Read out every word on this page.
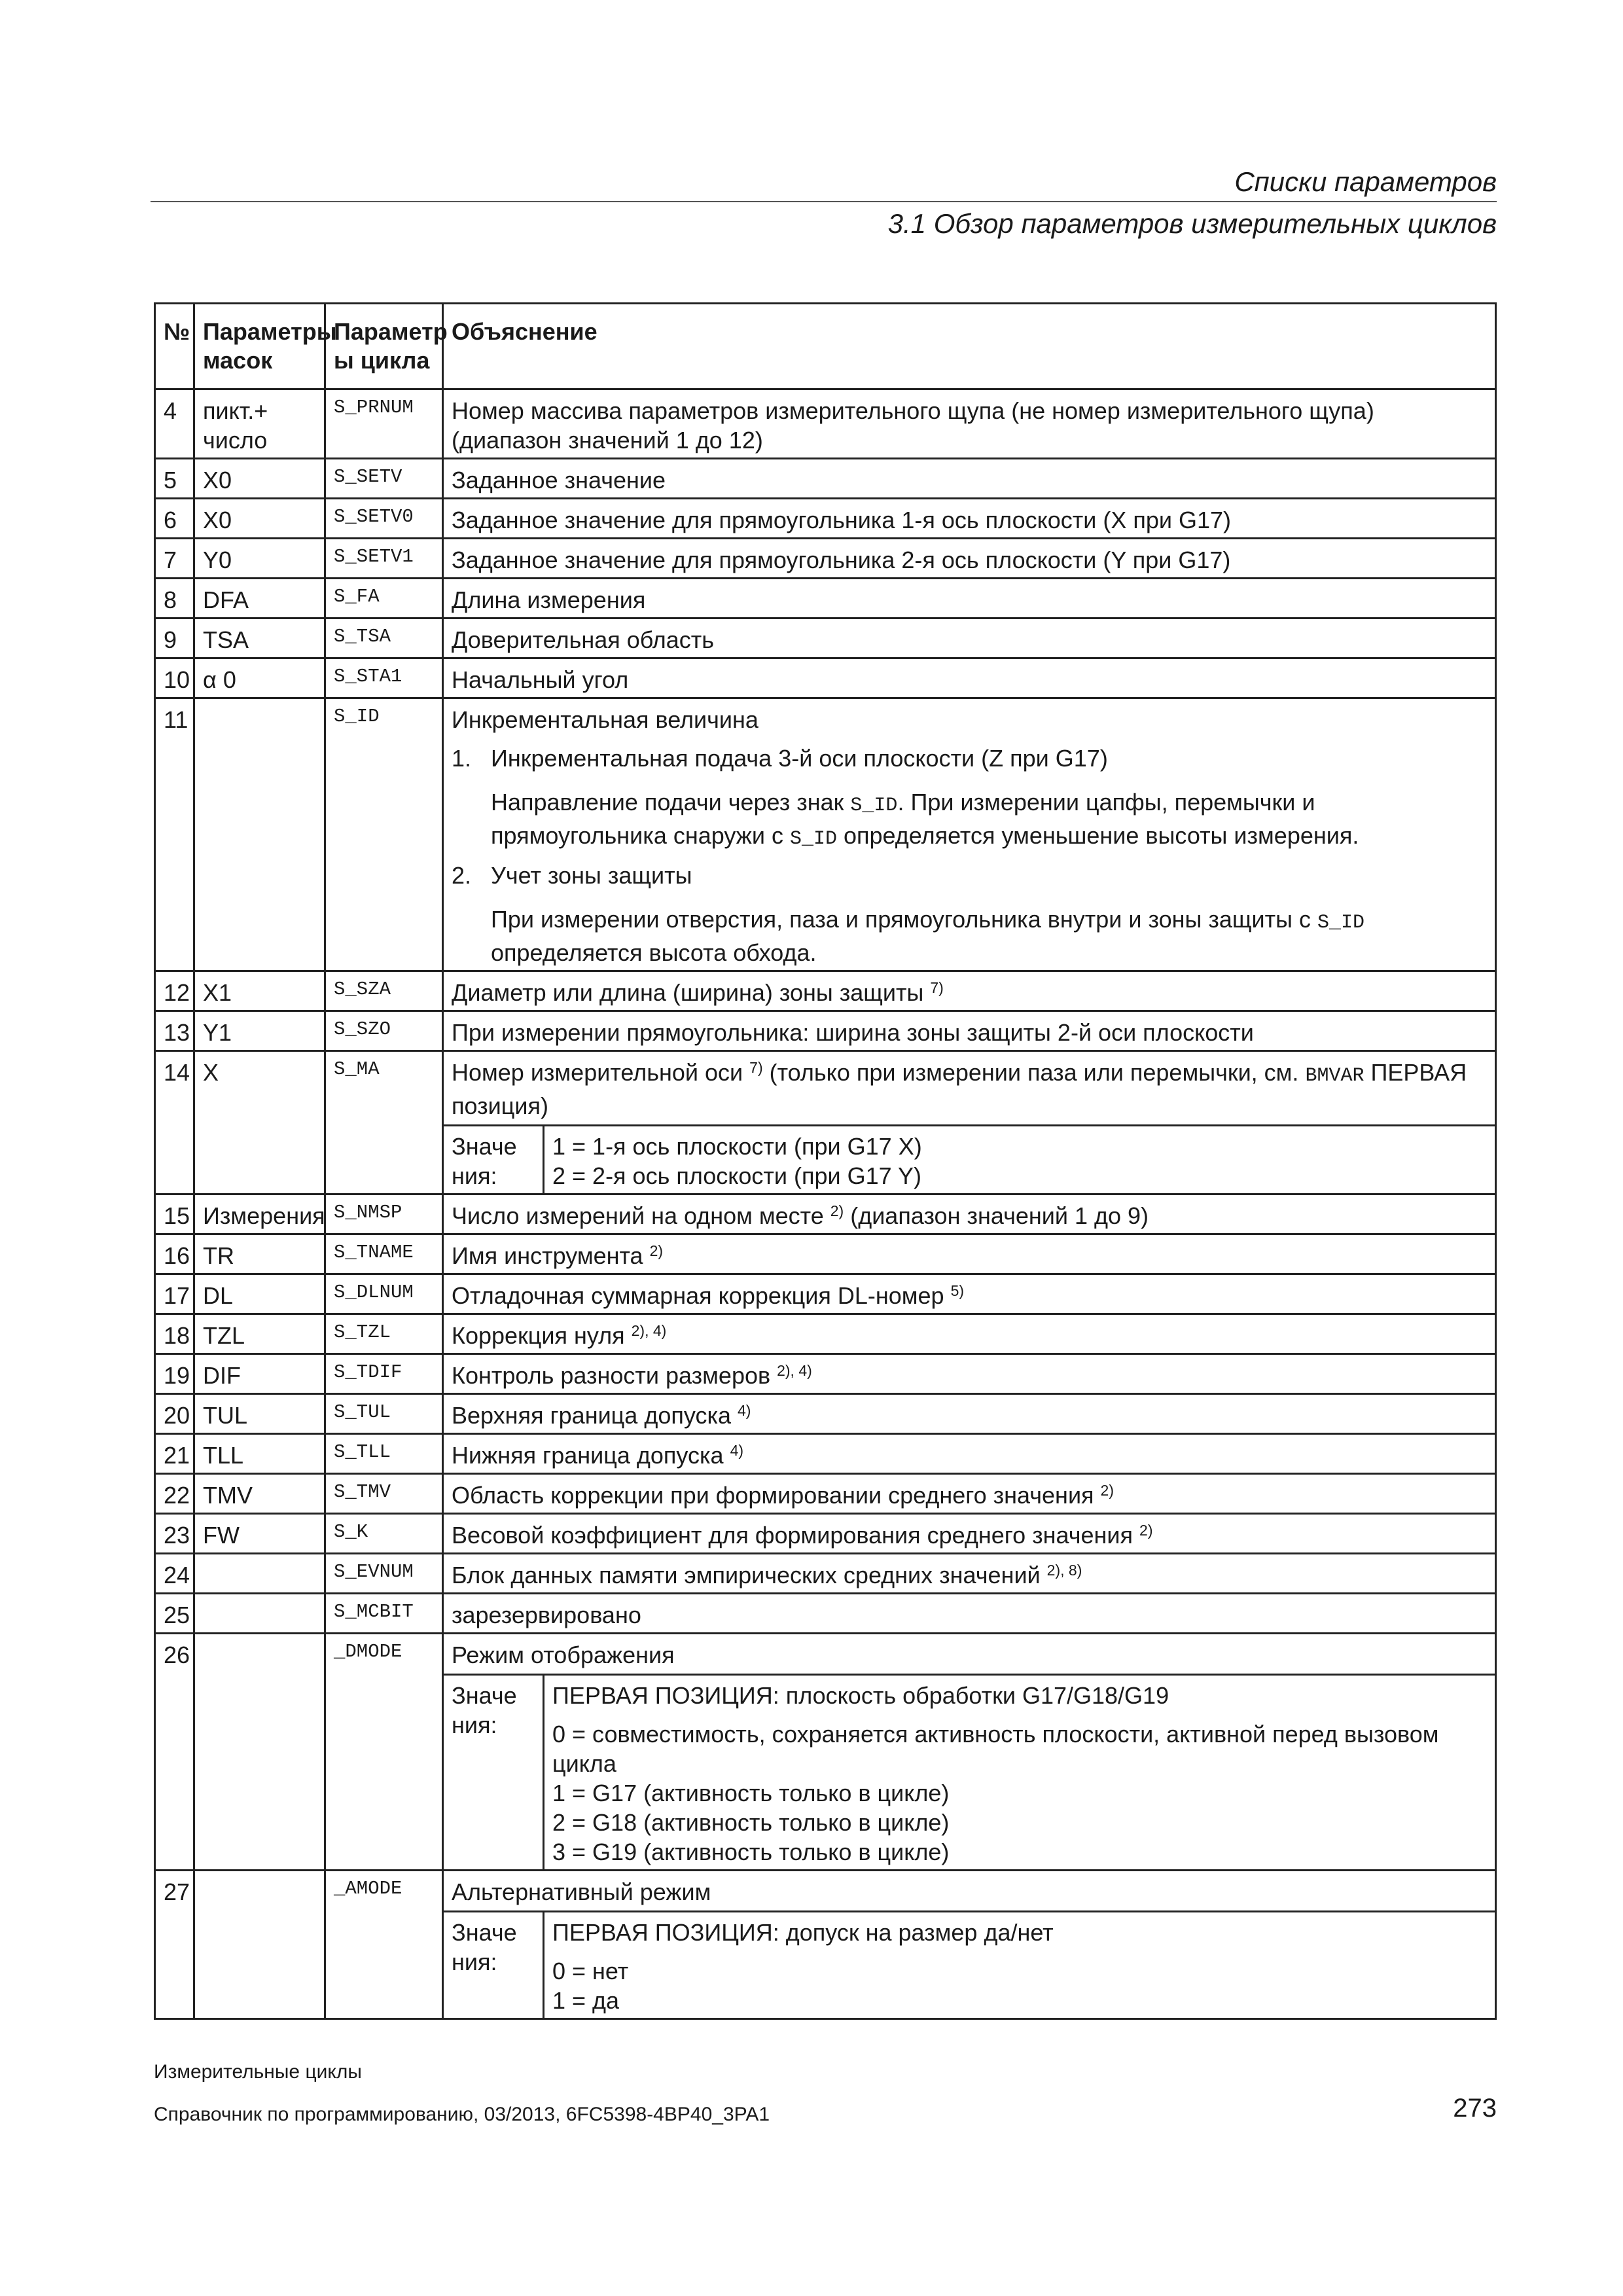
Списки параметров
3.1 Обзор параметров измерительных циклов
№	Параметры масок	Параметр ы цикла	Объяснение
4	пикт.+ число	S_PRNUM	Номер массива параметров измерительного щупа (не номер измерительного щупа) (диапазон значений 1 до 12)
5	X0	S_SETV	Заданное значение
6	X0	S_SETV0	Заданное значение для прямоугольника 1-я ось плоскости (X при G17)
7	Y0	S_SETV1	Заданное значение для прямоугольника 2-я ось плоскости (Y при G17)
8	DFA	S_FA	Длина измерения
9	TSA	S_TSA	Доверительная область
10	α 0	S_STA1	Начальный угол
11		S_ID	Инкрементальная величина
1. Инкрементальная подача 3-й оси плоскости (Z при G17)
Направление подачи через знак S_ID. При измерении цапфы, перемычки и прямоугольника снаружи с S_ID определяется уменьшение высоты измерения.
2. Учет зоны защиты
При измерении отверстия, паза и прямоугольника внутри и зоны защиты с S_ID определяется высота обхода.

12	X1	S_SZA	Диаметр или длина (ширина) зоны защиты $^{7)}$
13	Y1	S_SZO	При измерении прямоугольника: ширина зоны защиты 2-й оси плоскости
14	X	S_MA	Номер измерительной оси $^{7)}$ (только при измерении паза или перемычки, см. BMVAR ПЕРВАЯ позиция)
Значе ния:	
1 = 1-я ось плоскости (при G17 X)
2 = 2-я ось плоскости (при G17 Y)

15	Измерения	S_NMSP	Число измерений на одном месте $^{2)}$ (диапазон значений 1 до 9)
16	TR	S_TNAME	Имя инструмента $^{2)}$
17	DL	S_DLNUM	Отладочная суммарная коррекция DL-номер $^{5)}$
18	TZL	S_TZL	Коррекция нуля $^{2), 4)}$
19	DIF	S_TDIF	Контроль разности размеров $^{2), 4)}$
20	TUL	S_TUL	Верхняя граница допуска $^{4)}$
21	TLL	S_TLL	Нижняя граница допуска $^{4)}$
22	TMV	S_TMV	Область коррекции при формировании среднего значения $^{2)}$
23	FW	S_K	Весовой коэффициент для формирования среднего значения $^{2)}$
24		S_EVNUM	Блок данных памяти эмпирических средних значений $^{2), 8)}$
25		S_MCBIT	зарезервировано
26		_DMODE	Режим отображения
Значе ния:	
ПЕРВАЯ ПОЗИЦИЯ: плоскость обработки G17/G18/G19
0 = совместимость, сохраняется активность плоскости, активной перед вызовом цикла
1 = G17 (активность только в цикле)
2 = G18 (активность только в цикле)
3 = G19 (активность только в цикле)

27		_AMODE	Альтернативный режим
Значе ния:	
ПЕРВАЯ ПОЗИЦИЯ: допуск на размер да/нет
0 = нет
1 = да
Измерительные циклы
Справочник по программированию, 03/2013, 6FC5398-4BP40_3PA1	273
